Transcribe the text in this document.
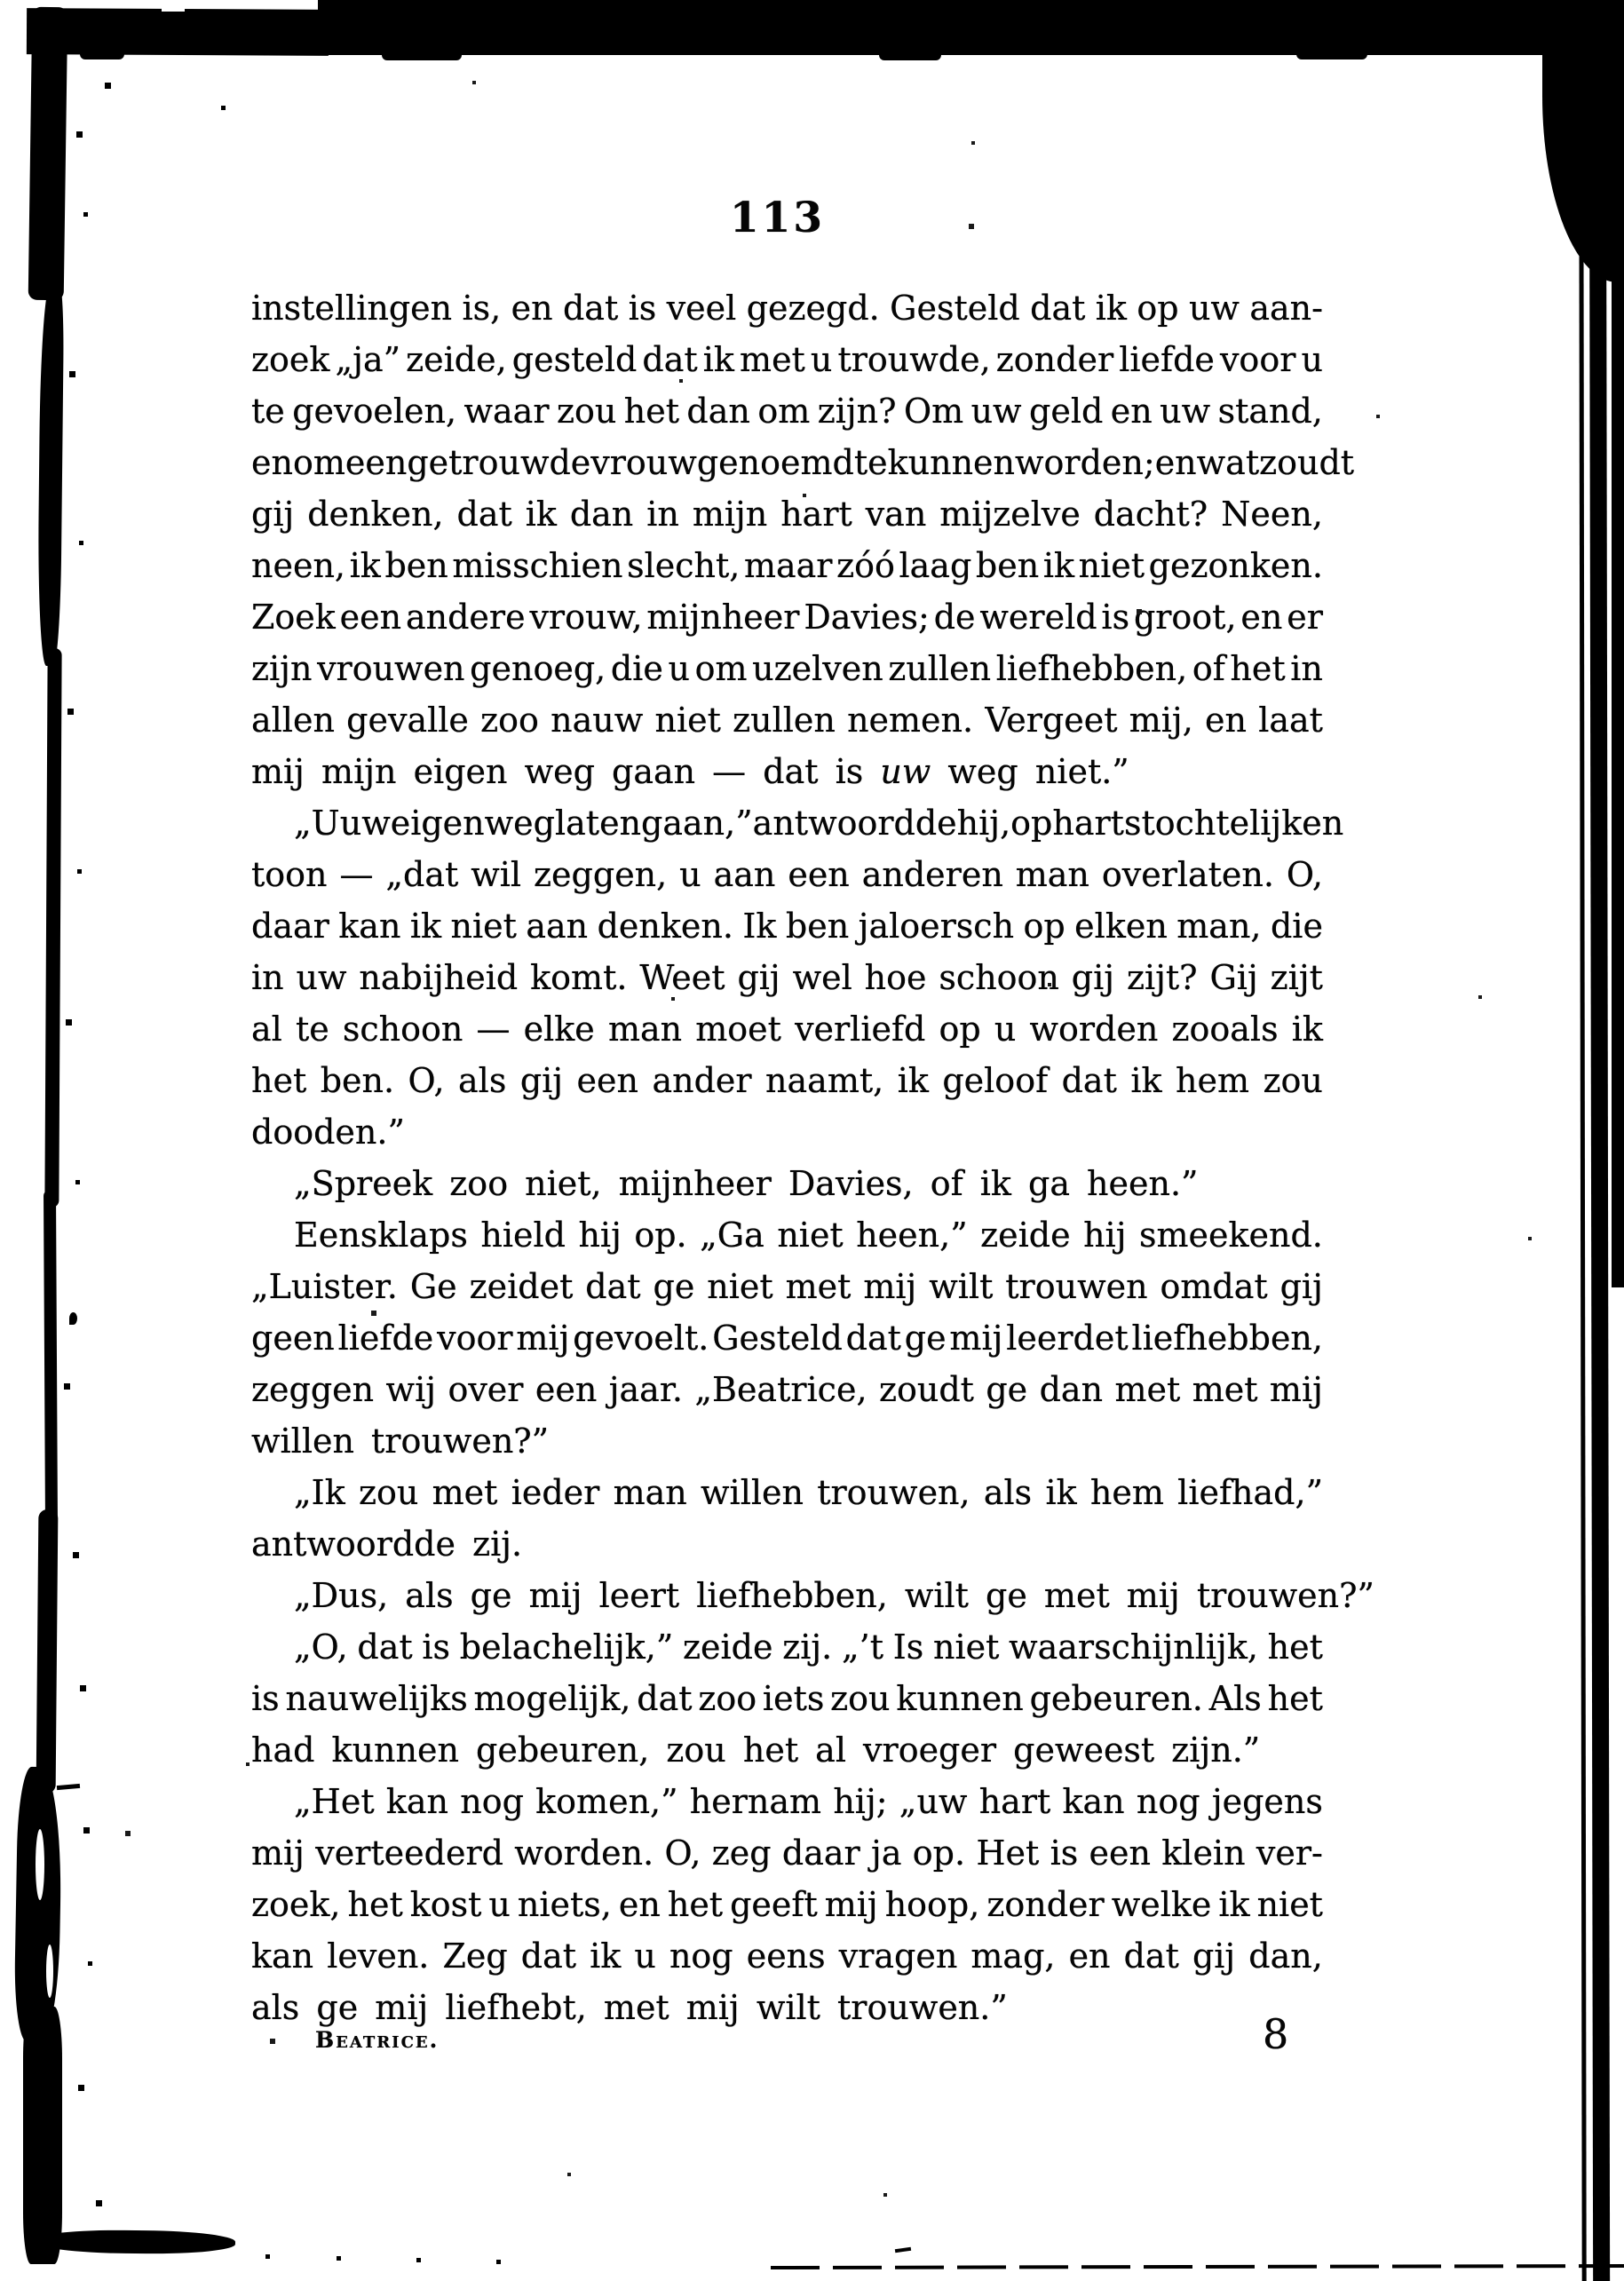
113
instellingen is, en dat is veel gezegd. Gesteld dat ik op uw aan-
zoek „ja” zeide, gesteld dat ik met u trouwde, zonder liefde voor u
te gevoelen, waar zou het dan om zijn? Om uw geld en uw stand,
en om een getrouwde vrouw genoemd te kunnen worden; en wat zoudt
gij denken, dat ik dan in mijn hart van mijzelve dacht? Neen,
neen, ik ben misschien slecht, maar zóó laag ben ik niet gezonken.
Zoek een andere vrouw, mijnheer Davies; de wereld is groot, en er
zijn vrouwen genoeg, die u om uzelven zullen liefhebben, of het in
allen gevalle zoo nauw niet zullen nemen. Vergeet mij, en laat
mij mijn eigen weg gaan — dat is uw weg niet.”
„U uw eigen weg laten gaan,” antwoordde hij, op hartstochtelijken
toon — „dat wil zeggen, u aan een anderen man overlaten. O,
daar kan ik niet aan denken. Ik ben jaloersch op elken man, die
in uw nabijheid komt. Weet gij wel hoe schoon gij zijt? Gij zijt
al te schoon — elke man moet verliefd op u worden zooals ik
het ben. O, als gij een ander naamt, ik geloof dat ik hem zou
dooden.”
„Spreek zoo niet, mijnheer Davies, of ik ga heen.”
Eensklaps hield hij op. „Ga niet heen,” zeide hij smeekend.
„Luister. Ge zeidet dat ge niet met mij wilt trouwen omdat gij
geen liefde voor mij gevoelt. Gesteld dat ge mij leerdet liefhebben,
zeggen wij over een jaar. „Beatrice, zoudt ge dan met met mij
willen trouwen?”
„Ik zou met ieder man willen trouwen, als ik hem liefhad,”
antwoordde zij.
„Dus, als ge mij leert liefhebben, wilt ge met mij trouwen?”
„O, dat is belachelijk,” zeide zij. „’t Is niet waarschijnlijk, het
is nauwelijks mogelijk, dat zoo iets zou kunnen gebeuren. Als het
had kunnen gebeuren, zou het al vroeger geweest zijn.”
„Het kan nog komen,” hernam hij; „uw hart kan nog jegens
mij verteederd worden. O, zeg daar ja op. Het is een klein ver-
zoek, het kost u niets, en het geeft mij hoop, zonder welke ik niet
kan leven. Zeg dat ik u nog eens vragen mag, en dat gij dan,
als ge mij liefhebt, met mij wilt trouwen.”
Beatrice.	8
